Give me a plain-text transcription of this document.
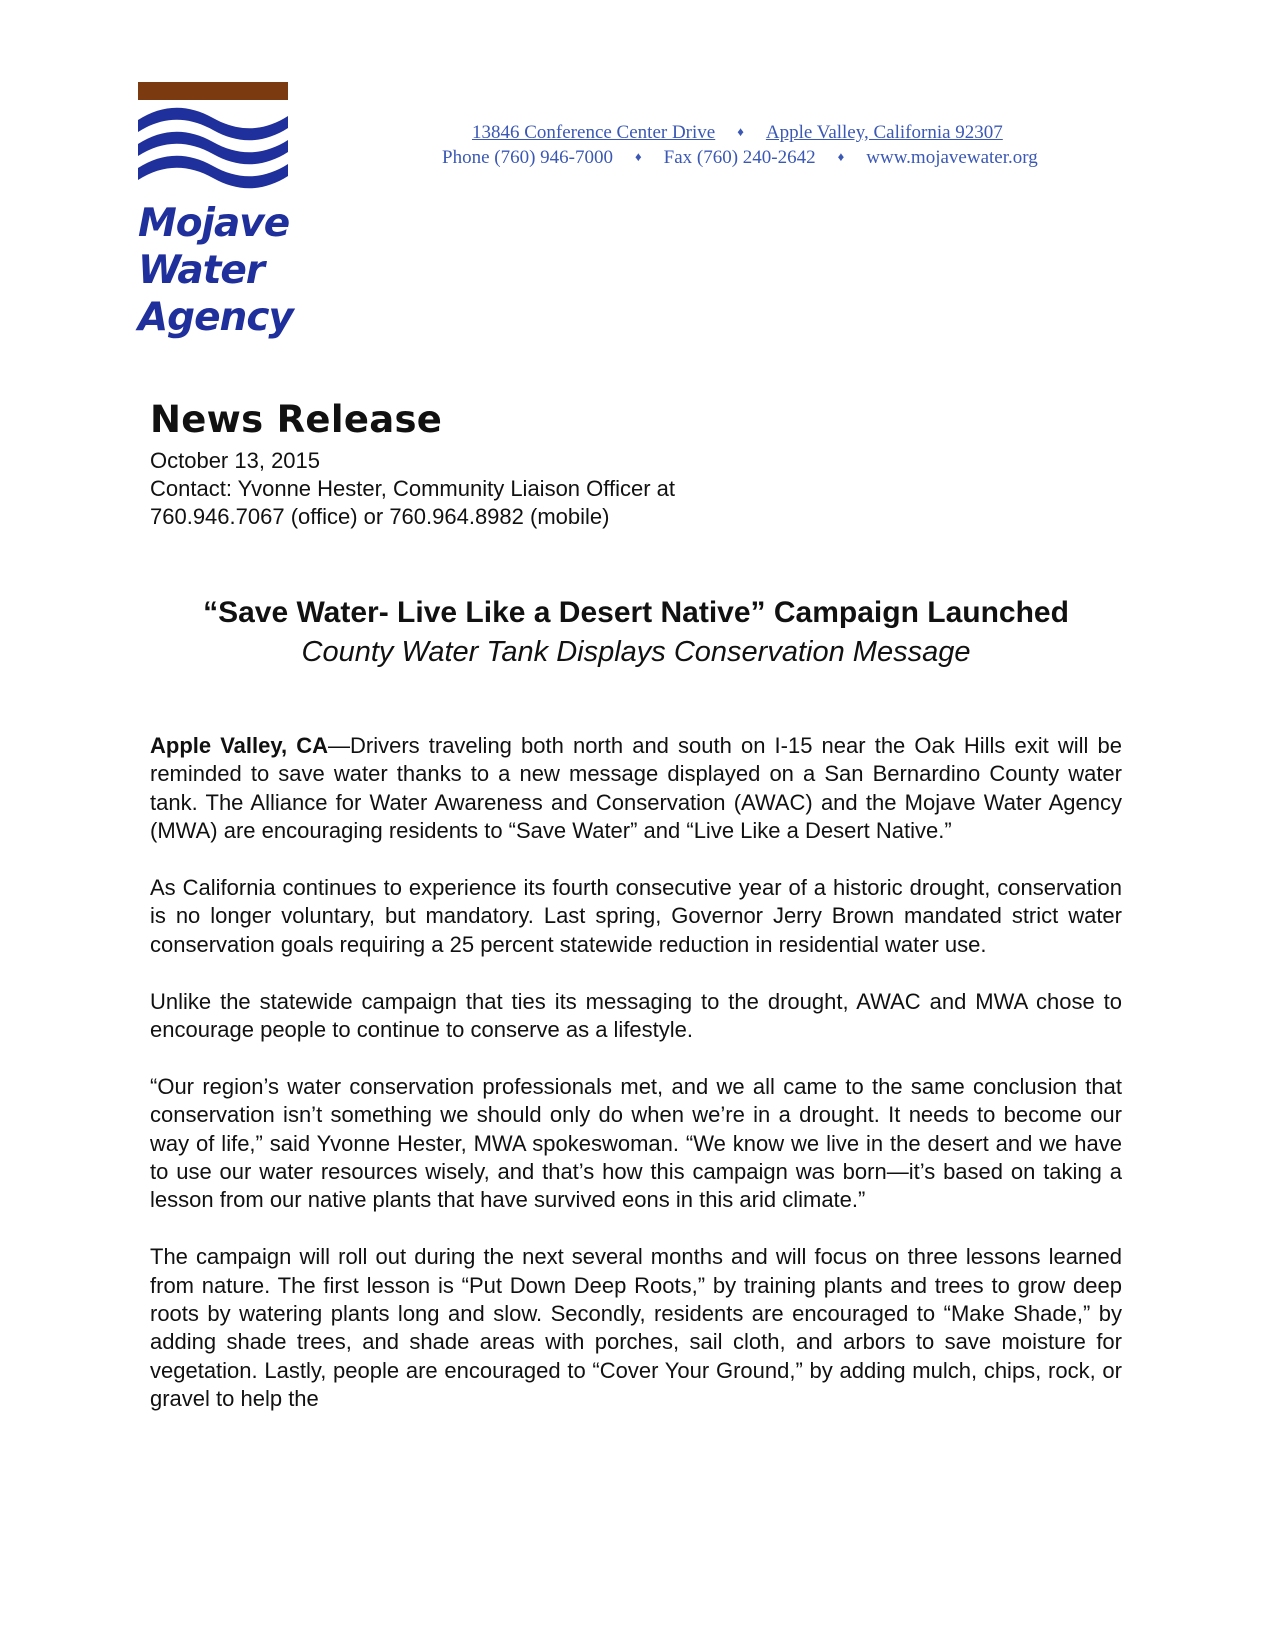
Mojave
Water
Agency
13846 Conference Center Drive ♦ Apple Valley, California 92307
Phone (760) 946-7000 ♦ Fax (760) 240-2642 ♦ www.mojavewater.org
News Release
October 13, 2015
Contact: Yvonne Hester, Community Liaison Officer at
760.946.7067 (office) or 760.964.8982 (mobile)
“Save Water- Live Like a Desert Native” Campaign Launched
County Water Tank Displays Conservation Message

Apple Valley, CA—Drivers traveling both north and south on I-15 near the Oak Hills exit will be reminded to save water thanks to a new message displayed on a San Bernardino County water tank. The Alliance for Water Awareness and Conservation (AWAC) and the Mojave Water Agency (MWA) are encouraging residents to “Save Water” and “Live Like a Desert Native.”

As California continues to experience its fourth consecutive year of a historic drought, conservation is no longer voluntary, but mandatory. Last spring, Governor Jerry Brown mandated strict water conservation goals requiring a 25 percent statewide reduction in residential water use.

Unlike the statewide campaign that ties its messaging to the drought, AWAC and MWA chose to encourage people to continue to conserve as a lifestyle.

“Our region’s water conservation professionals met, and we all came to the same conclusion that conservation isn’t something we should only do when we’re in a drought. It needs to become our way of life,” said Yvonne Hester, MWA spokeswoman. “We know we live in the desert and we have to use our water resources wisely, and that’s how this campaign was born—it’s based on taking a lesson from our native plants that have survived eons in this arid climate.”

The campaign will roll out during the next several months and will focus on three lessons learned from nature. The first lesson is “Put Down Deep Roots,” by training plants and trees to grow deep roots by watering plants long and slow. Secondly, residents are encouraged to “Make Shade,” by adding shade trees, and shade areas with porches, sail cloth, and arbors to save moisture for vegetation. Lastly, people are encouraged to “Cover Your Ground,” by adding mulch, chips, rock, or gravel to help the
